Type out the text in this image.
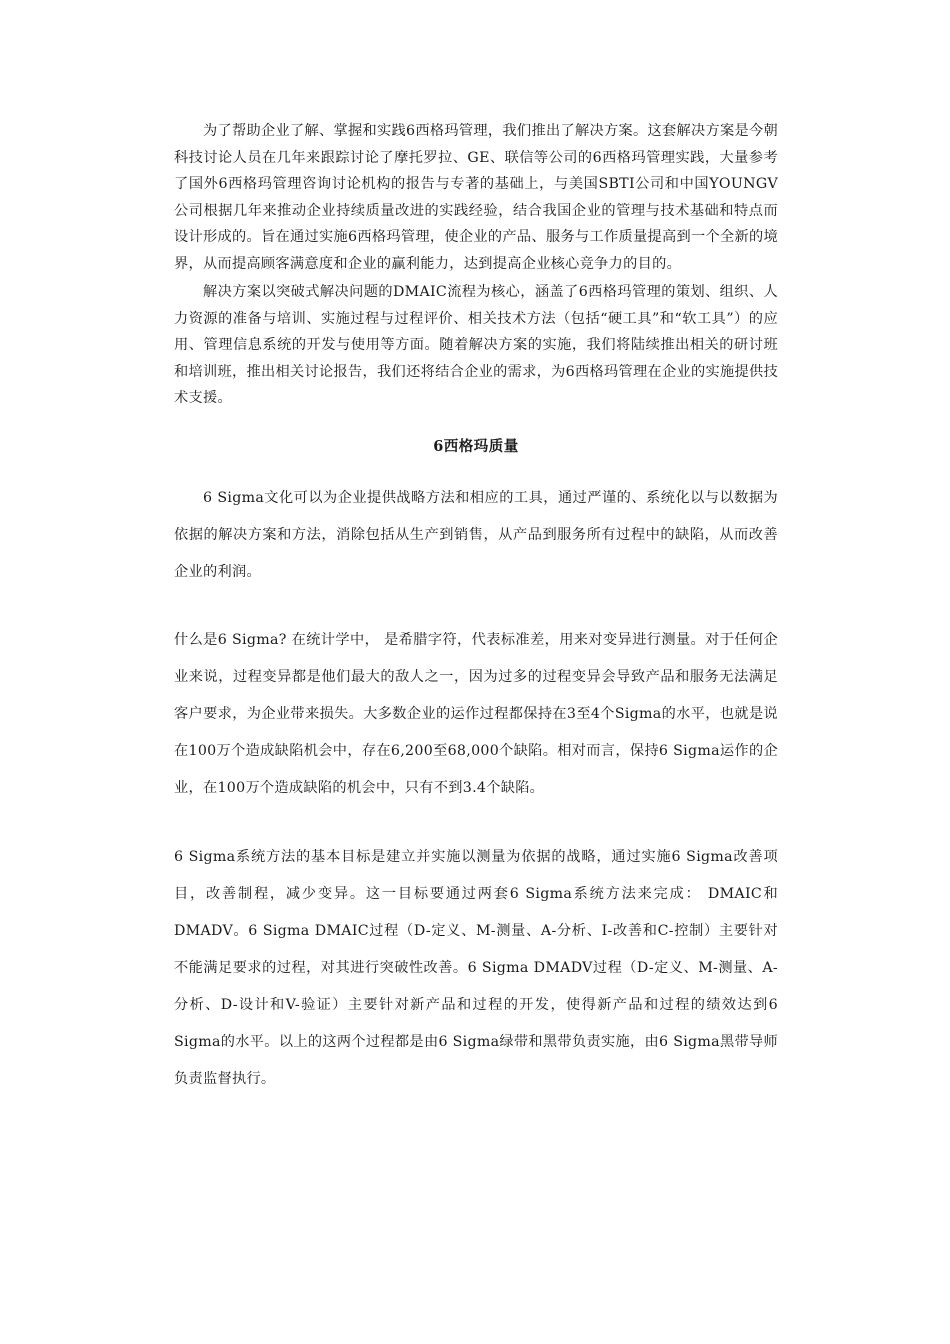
为了帮助企业了解、掌握和实践6西格玛管理，我们推出了解决方案。这套解决方案是今朝科技讨论人员在几年来跟踪讨论了摩托罗拉、GE、联信等公司的6西格玛管理实践，大量参考了国外6西格玛管理咨询讨论机构的报告与专著的基础上，与美国SBTI公司和中国YOUNGV公司根据几年来推动企业持续质量改进的实践经验，结合我国企业的管理与技术基础和特点而设计形成的。旨在通过实施6西格玛管理，使企业的产品、服务与工作质量提高到一个全新的境界，从而提高顾客满意度和企业的赢利能力，达到提高企业核心竞争力的目的。

解决方案以突破式解决问题的DMAIC流程为核心，涵盖了6西格玛管理的策划、组织、人力资源的准备与培训、实施过程与过程评价、相关技术方法（包括“硬工具”和“软工具”）的应用、管理信息系统的开发与使用等方面。随着解决方案的实施，我们将陆续推出相关的研讨班和培训班，推出相关讨论报告，我们还将结合企业的需求，为6西格玛管理在企业的实施提供技术支援。

6西格玛质量

6 Sigma文化可以为企业提供战略方法和相应的工具，通过严谨的、系统化以与以数据为依据的解决方案和方法，消除包括从生产到销售，从产品到服务所有过程中的缺陷，从而改善企业的利润。

什么是6 Sigma? 在统计学中， 是希腊字符，代表标准差，用来对变异进行测量。对于任何企业来说，过程变异都是他们最大的敌人之一，因为过多的过程变异会导致产品和服务无法满足客户要求，为企业带来损失。大多数企业的运作过程都保持在3至4个Sigma的水平，也就是说在100万个造成缺陷机会中，存在6,200至68,000个缺陷。相对而言，保持6 Sigma运作的企业，在100万个造成缺陷的机会中，只有不到3.4个缺陷。

6 Sigma系统方法的基本目标是建立并实施以测量为依据的战略，通过实施6 Sigma改善项目，改善制程，减少变异。这一目标要通过两套6 Sigma系统方法来完成： DMAIC和DMADV。6 Sigma DMAIC过程（D-定义、M-测量、A-分析、I-改善和C-控制）主要针对不能满足要求的过程，对其进行突破性改善。6 Sigma DMADV过程（D-定义、M-测量、A-分析、D-设计和V-验证）主要针对新产品和过程的开发，使得新产品和过程的绩效达到6 Sigma的水平。以上的这两个过程都是由6 Sigma绿带和黑带负责实施，由6 Sigma黑带导师负责监督执行。
